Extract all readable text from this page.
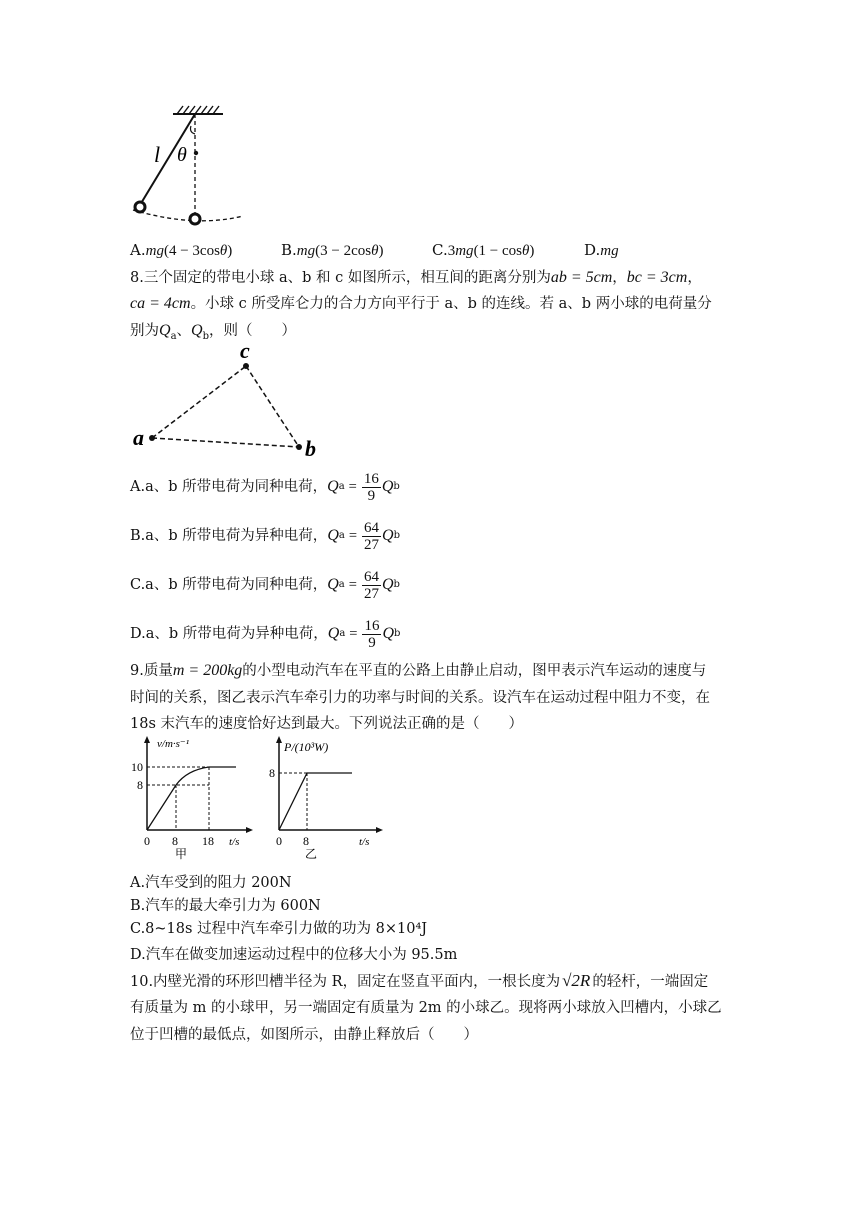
l θ
A.mg(4 − 3cosθ)	B.mg(3 − 2cosθ)	C.3mg(1 − cosθ)	D.mg
8.三个固定的带电小球 a、b 和 c 如图所示，相互间的距离分别为ab = 5cm，bc = 3cm，
ca = 4cm。小球 c 所受库仑力的合力方向平行于 a、b 的连线。若 a、b 两小球的电荷量分
别为$Q_a$、$Q_b$，则（　　）
a
c
b
A.a、b 所带电荷为同种电荷， Q $a = \frac{16}{9}$ Q b
B.a、b 所带电荷为异种电荷， Q $a = \frac{64}{27}$ Q b
C.a、b 所带电荷为同种电荷， Q $a = \frac{64}{27}$ Q b
D.a、b 所带电荷为异种电荷， Q $a = \frac{16}{9}$ Q b
9.质量m = 200kg的小型电动汽车在平直的公路上由静止启动，图甲表示汽车运动的速度与
时间的关系，图乙表示汽车牵引力的功率与时间的关系。设汽车在运动过程中阻力不变，在
18s 末汽车的速度恰好达到最大。下列说法正确的是（　　）
v/m·s⁻¹
10
8
0 8 18 t/s
甲
P/(10³W)
8
0 8	t/s
乙
A.汽车受到的阻力 200N
B.汽车的最大牵引力为 600N
C.8~18s 过程中汽车牵引力做的功为 8×10⁴J
D.汽车在做变加速运动过程中的位移大小为 95.5m
10.内壁光滑的环形凹槽半径为 R，固定在竖直平面内，一根长度为 √2R 的轻杆，一端固定
有质量为 m 的小球甲，另一端固定有质量为 2m 的小球乙。现将两小球放入凹槽内，小球乙
位于凹槽的最低点，如图所示，由静止释放后（　　）
